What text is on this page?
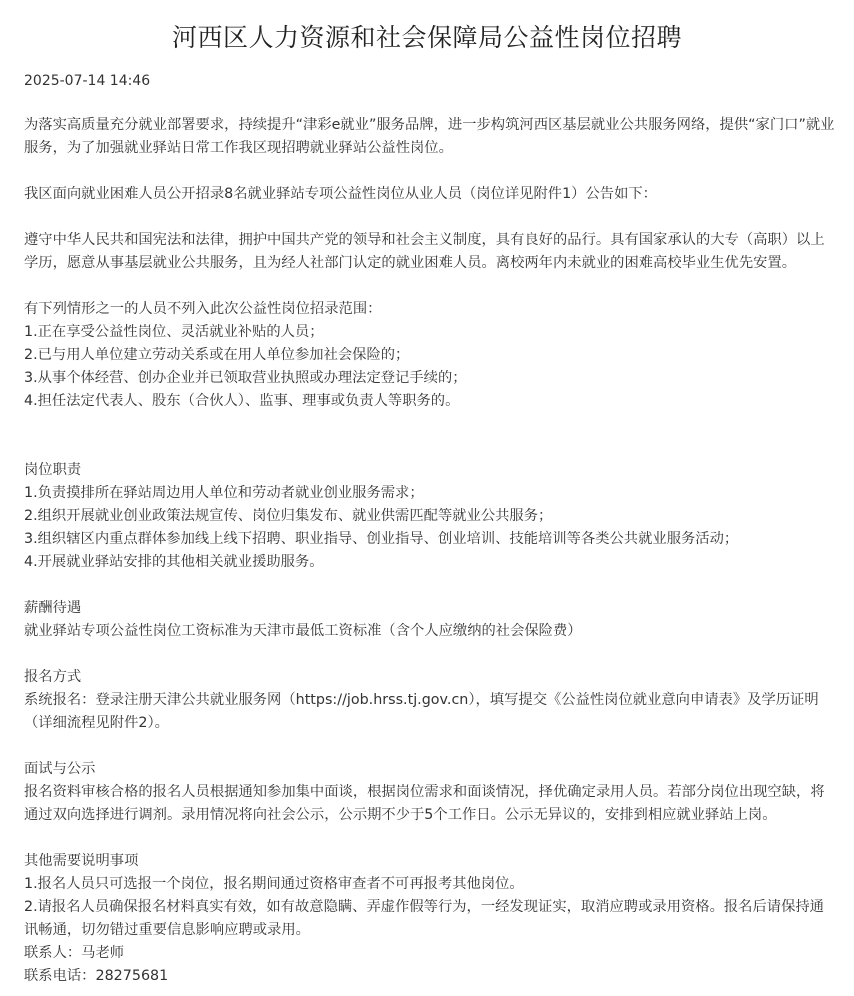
河西区人力资源和社会保障局公益性岗位招聘
2025-07-14 14:46

为落实高质量充分就业部署要求，持续提升“津彩e就业”服务品牌，进一步构筑河西区基层就业公共服务网络，提供“家门口”就业服务，为了加强就业驿站日常工作我区现招聘就业驿站公益性岗位。

我区面向就业困难人员公开招录8名就业驿站专项公益性岗位从业人员（岗位详见附件1）公告如下：

遵守中华人民共和国宪法和法律，拥护中国共产党的领导和社会主义制度，具有良好的品行。具有国家承认的大专（高职）以上学历，愿意从事基层就业公共服务，且为经人社部门认定的就业困难人员。离校两年内未就业的困难高校毕业生优先安置。

有下列情形之一的人员不列入此次公益性岗位招录范围：

1.正在享受公益性岗位、灵活就业补贴的人员；

2.已与用人单位建立劳动关系或在用人单位参加社会保险的；

3.从事个体经营、创办企业并已领取营业执照或办理法定登记手续的；

4.担任法定代表人、股东（合伙人）、监事、理事或负责人等职务的。

岗位职责

1.负责摸排所在驿站周边用人单位和劳动者就业创业服务需求；

2.组织开展就业创业政策法规宣传、岗位归集发布、就业供需匹配等就业公共服务；

3.组织辖区内重点群体参加线上线下招聘、职业指导、创业指导、创业培训、技能培训等各类公共就业服务活动；

4.开展就业驿站安排的其他相关就业援助服务。

薪酬待遇

就业驿站专项公益性岗位工资标准为天津市最低工资标准（含个人应缴纳的社会保险费）

报名方式

系统报名：登录注册天津公共就业服务网（https://job.hrss.tj.gov.cn），填写提交《公益性岗位就业意向申请表》及学历证明（详细流程见附件2）。

面试与公示

报名资料审核合格的报名人员根据通知参加集中面谈，根据岗位需求和面谈情况，择优确定录用人员。若部分岗位出现空缺，将通过双向选择进行调剂。录用情况将向社会公示，公示期不少于5个工作日。公示无异议的，安排到相应就业驿站上岗。

其他需要说明事项

1.报名人员只可选报一个岗位，报名期间通过资格审查者不可再报考其他岗位。

2.请报名人员确保报名材料真实有效，如有故意隐瞒、弄虚作假等行为，一经发现证实，取消应聘或录用资格。报名后请保持通讯畅通，切勿错过重要信息影响应聘或录用。

联系人：马老师

联系电话：28275681
